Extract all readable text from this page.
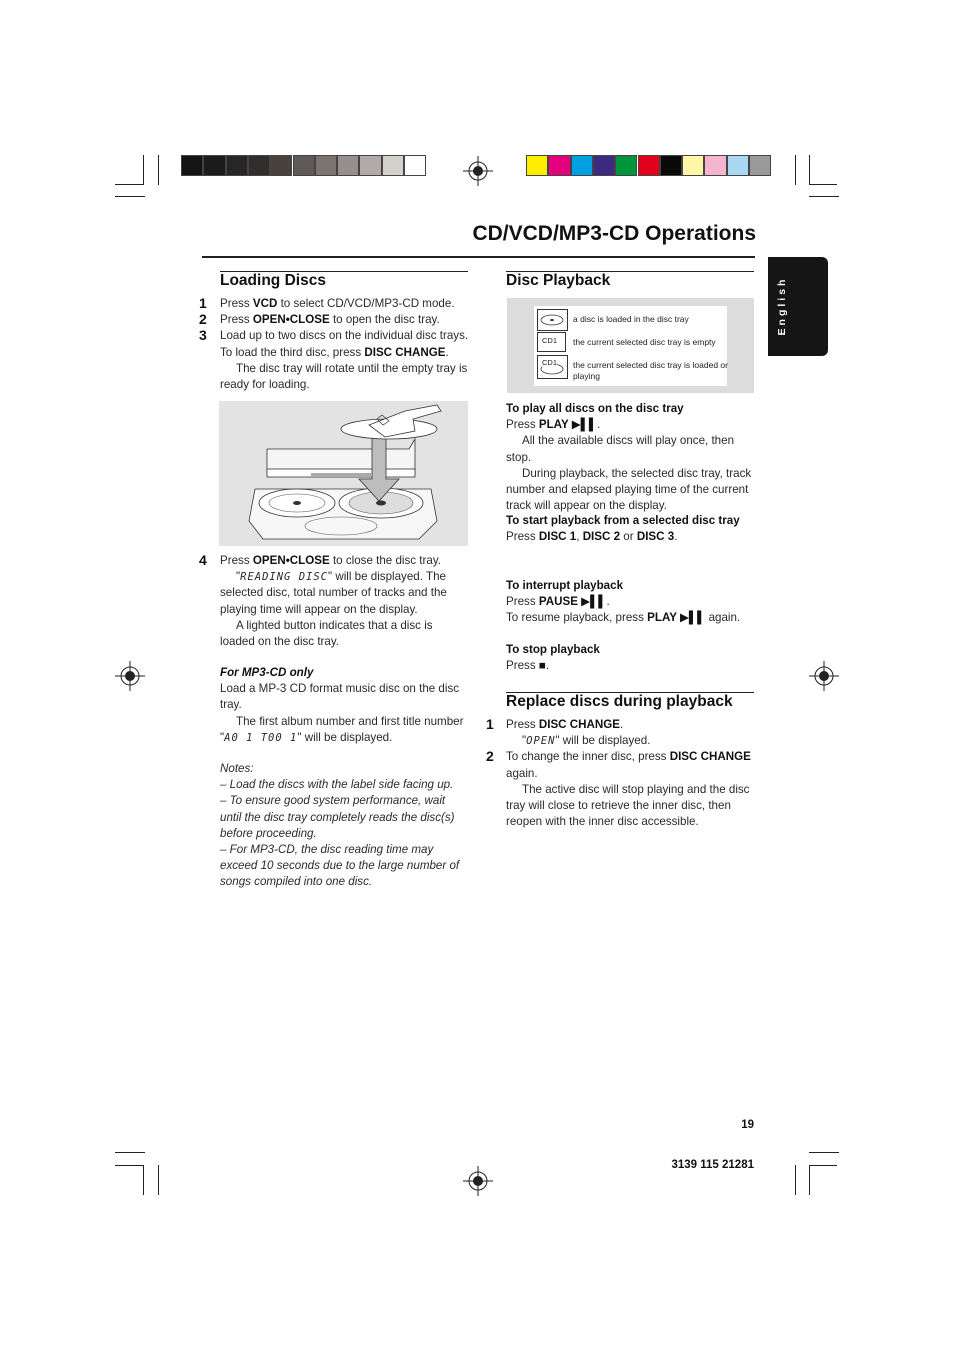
CD/VCD/MP3-CD Operations
English
Loading Discs
1
2
3

Press VCD to select CD/VCD/MP3-CD mode.

Press OPEN•CLOSE to open the disc tray.

Load up to two discs on the individual disc trays.

To load the third disc, press DISC CHANGE.

The disc tray will rotate until the empty tray is ready for loading.

4 Press OPEN•CLOSE to close the disc tray.

"READING DISC" will be displayed. The selected disc, total number of tracks and the playing time will appear on the display.

A lighted button indicates that a disc is loaded on the disc tray.

For MP3-CD only

Load a MP-3 CD format music disc on the disc tray.

The first album number and first title number

"A0 1 T00 1" will be displayed.

Notes:

– Load the discs with the label side facing up.

– To ensure good system performance, wait until the disc tray completely reads the disc(s) before proceeding.

– For MP3-CD, the disc reading time may exceed 10 seconds due to the large number of songs compiled into one disc.

Disc Playback
a disc is loaded in the disc tray
CD1	the current selected disc tray is empty
CD1 the current selected disc tray is loaded or playing

To play all discs on the disc tray

Press PLAY ▶▌▌.

All the available discs will play once, then stop.

During playback, the selected disc tray, track number and elapsed playing time of the current track will appear on the display.

To start playback from a selected disc tray

Press DISC 1, DISC 2 or DISC 3.

To interrupt playback

Press PAUSE ▶▌▌.

To resume playback, press PLAY ▶▌▌ again.

To stop playback

Press ■.

Replace discs during playback
1
2

Press DISC CHANGE.

"OPEN" will be displayed.

To change the inner disc, press DISC CHANGE again.

The active disc will stop playing and the disc tray will close to retrieve the inner disc, then reopen with the inner disc accessible.

19
3139 115 21281
